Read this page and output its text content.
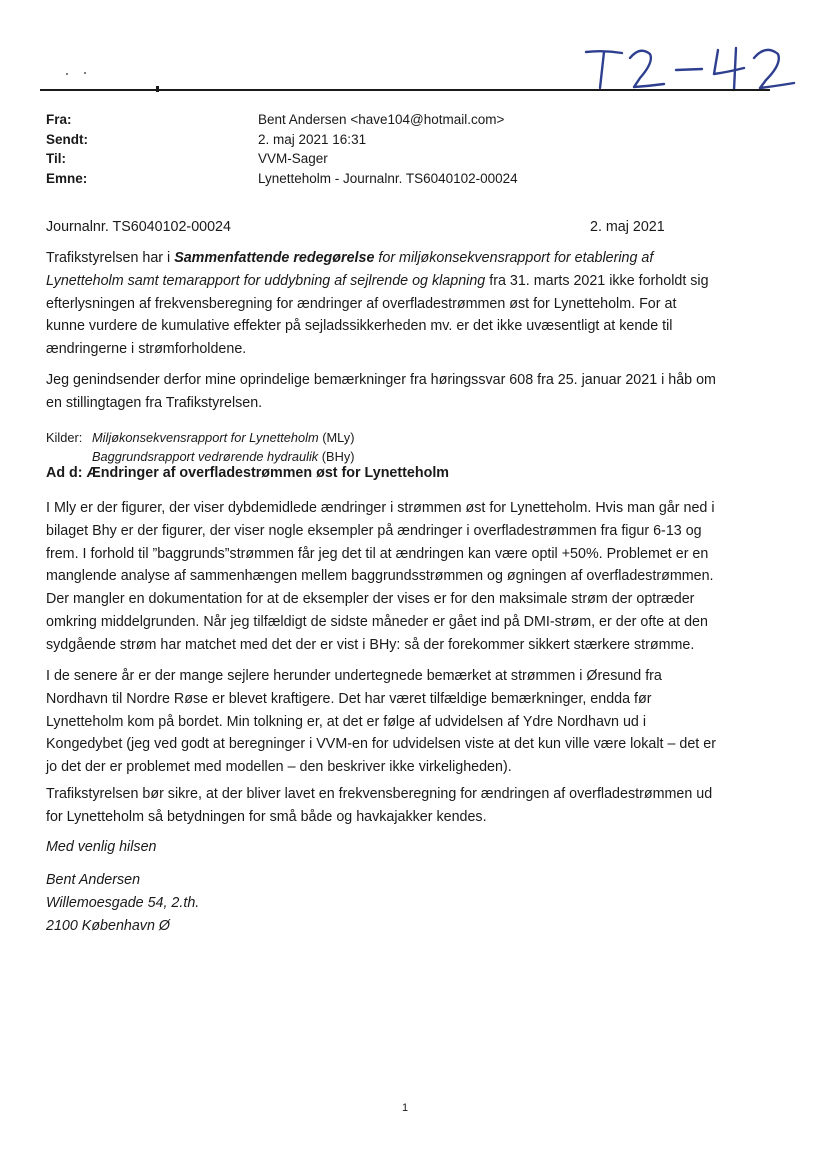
Fra:
Sendt:
Til:
Emne:
Bent Andersen <have104@hotmail.com>
2. maj 2021 16:31
VVM-Sager
Lynetteholm - Journalnr. TS6040102-00024
Journalnr. TS6040102-00024	2. maj 2021
Trafikstyrelsen har i Sammenfattende redegørelse for miljøkonsekvensrapport for etablering af
Lynetteholm samt temarapport for uddybning af sejlrende og klapning fra 31. marts 2021 ikke forholdt sig
efterlysningen af frekvensberegning for ændringer af overfladestrømmen øst for Lynetteholm. For at
kunne vurdere de kumulative effekter på sejladssikkerheden mv. er det ikke uvæsentligt at kende til
ændringerne i strømforholdene.
Jeg genindsender derfor mine oprindelige bemærkninger fra høringssvar 608 fra 25. januar 2021 i håb om
en stillingtagen fra Trafikstyrelsen.
Kilder: Miljøkonsekvensrapport for Lynetteholm (MLy)
Baggrundsrapport vedrørende hydraulik (BHy)
Ad d: Ændringer af overfladestrømmen øst for Lynetteholm
I Mly er der figurer, der viser dybdemidlede ændringer i strømmen øst for Lynetteholm. Hvis man går ned i
bilaget Bhy er der figurer, der viser nogle eksempler på ændringer i overfladestrømmen fra figur 6-13 og
frem. I forhold til ”baggrunds”strømmen får jeg det til at ændringen kan være optil +50%. Problemet er en
manglende analyse af sammenhængen mellem baggrundsstrømmen og øgningen af overfladestrømmen.
Der mangler en dokumentation for at de eksempler der vises er for den maksimale strøm der optræder
omkring middelgrunden. Når jeg tilfældigt de sidste måneder er gået ind på DMI-strøm, er der ofte at den
sydgående strøm har matchet med det der er vist i BHy: så der forekommer sikkert stærkere strømme.
I de senere år er der mange sejlere herunder undertegnede bemærket at strømmen i Øresund fra
Nordhavn til Nordre Røse er blevet kraftigere. Det har været tilfældige bemærkninger, endda før
Lynetteholm kom på bordet. Min tolkning er, at det er følge af udvidelsen af Ydre Nordhavn ud i
Kongedybet (jeg ved godt at beregninger i VVM-en for udvidelsen viste at det kun ville være lokalt – det er
jo det der er problemet med modellen – den beskriver ikke virkeligheden).
Trafikstyrelsen bør sikre, at der bliver lavet en frekvensberegning for ændringen af overfladestrømmen ud
for Lynetteholm så betydningen for små både og havkajakker kendes.
Med venlig hilsen
Bent Andersen
Willemoesgade 54, 2.th.
2100 København Ø
1
